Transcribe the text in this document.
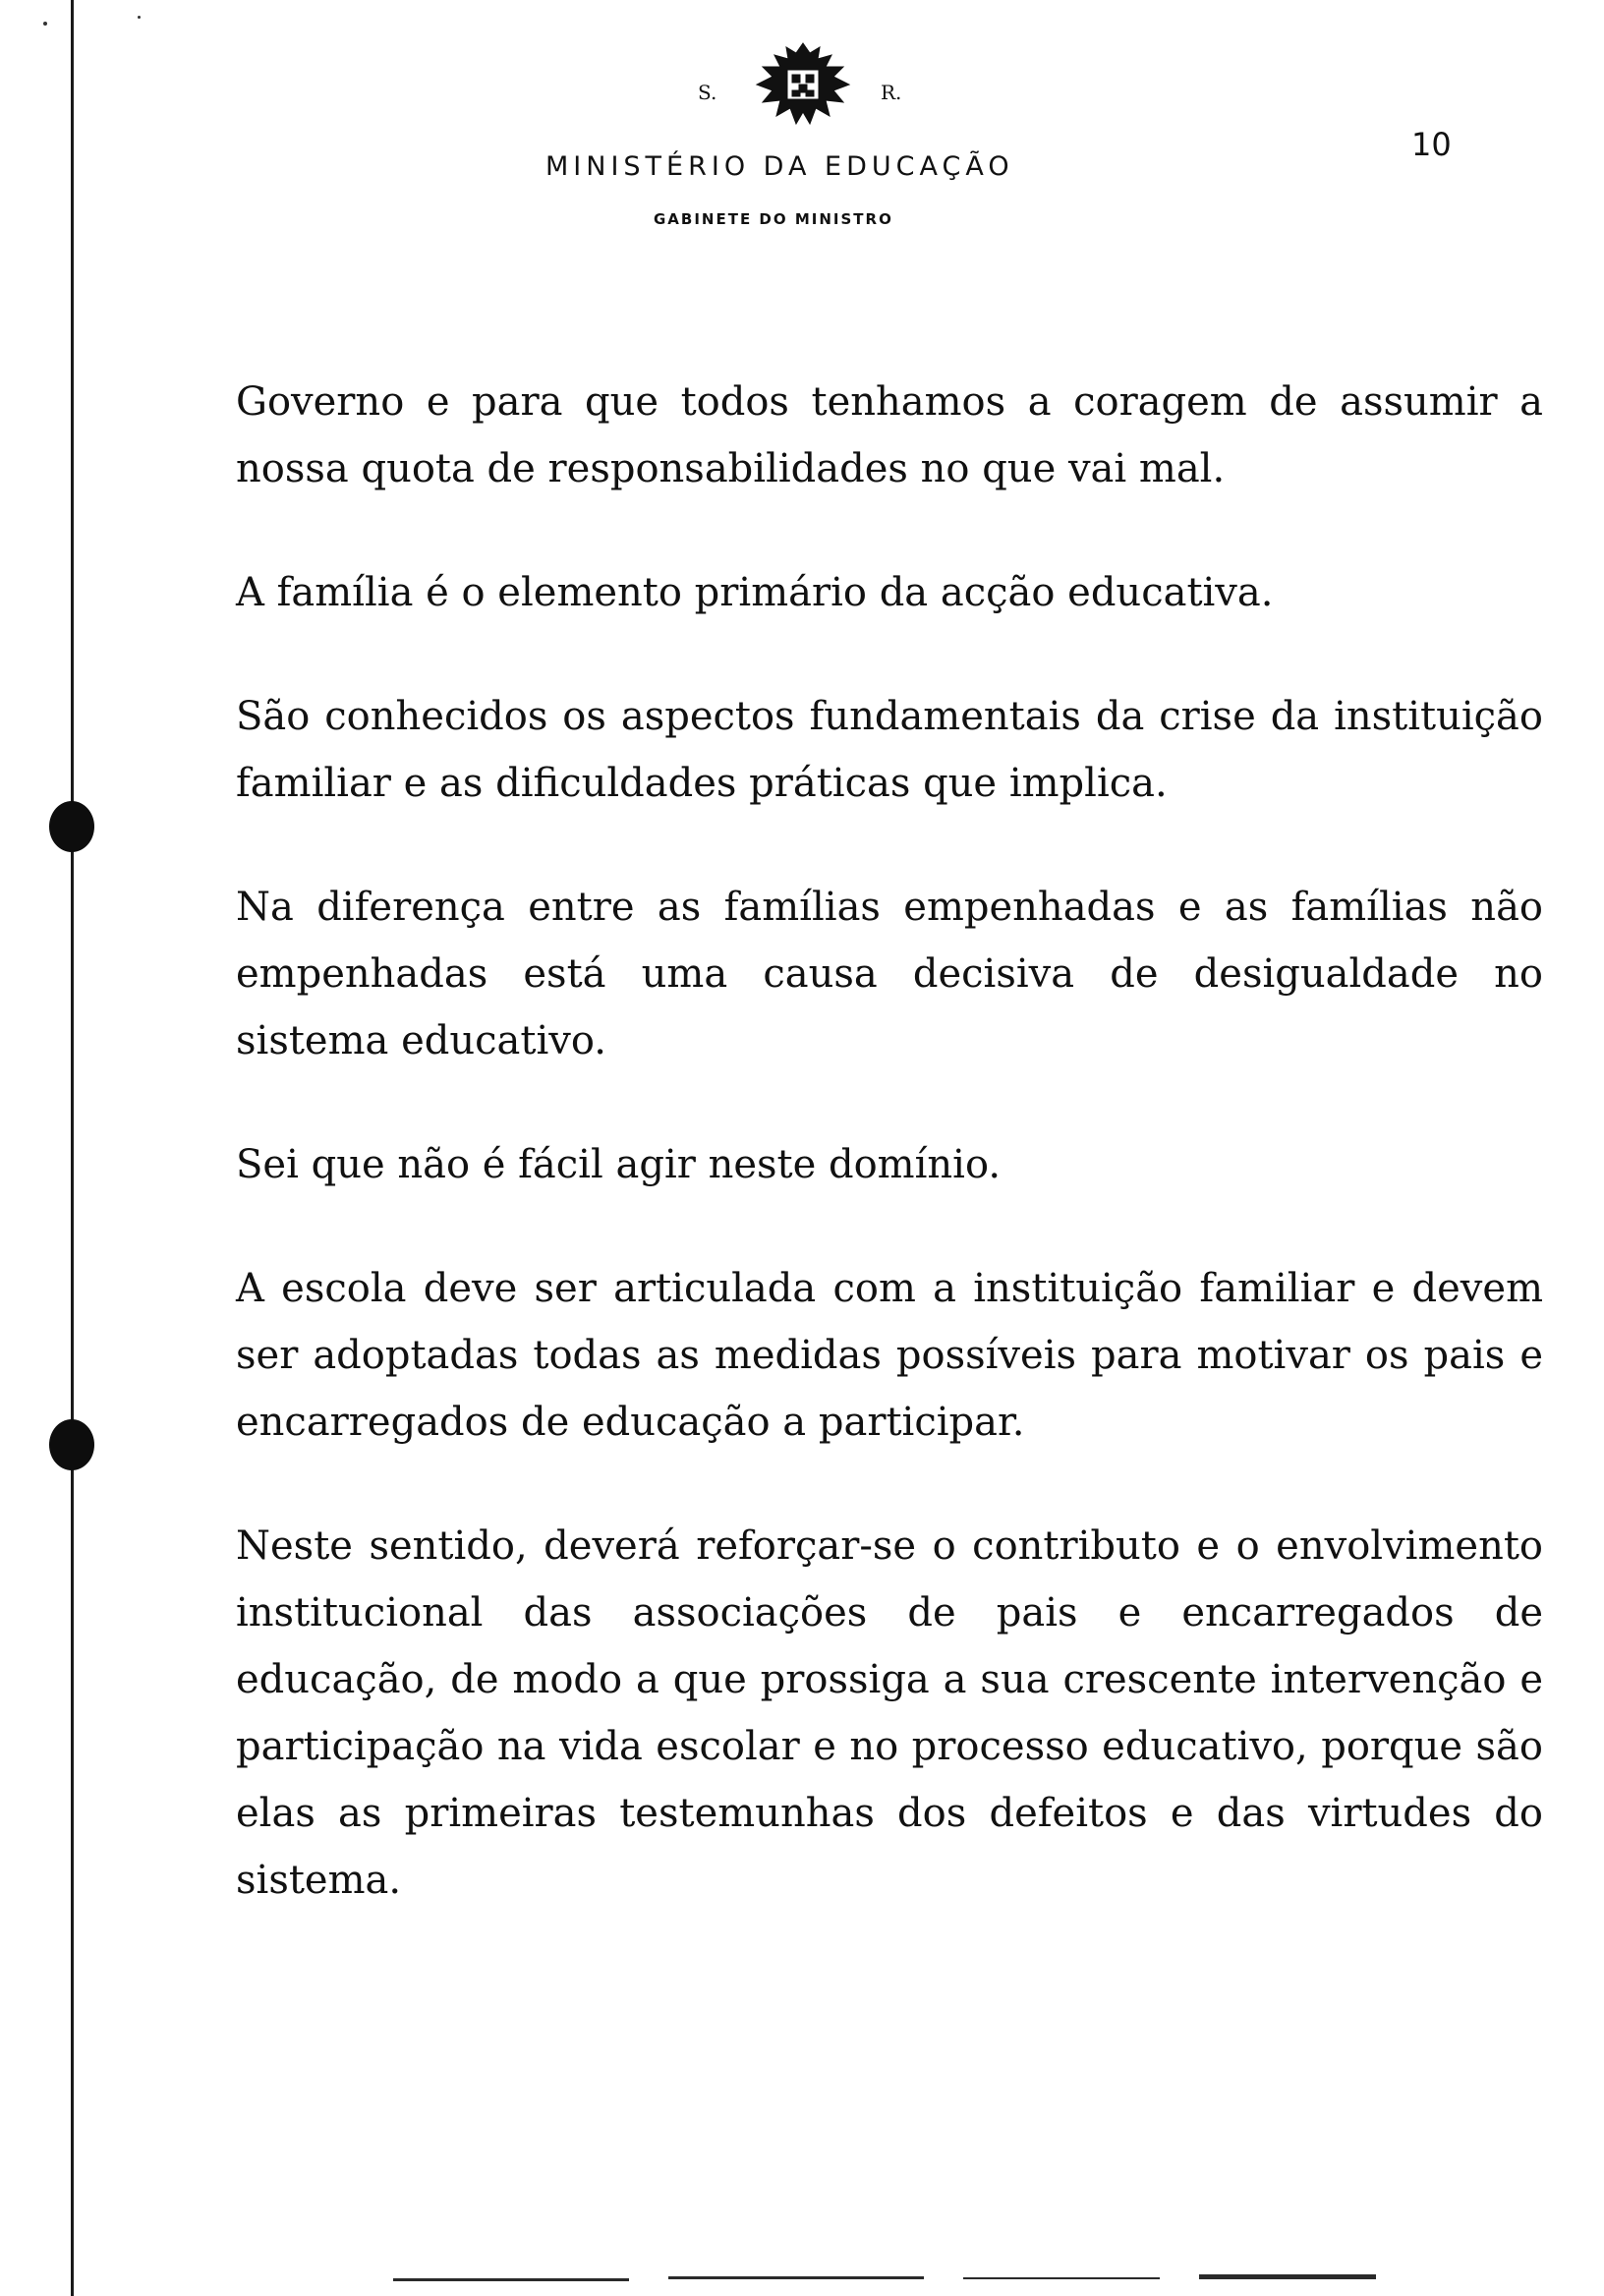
S.	R.
MINISTÉRIO DA EDUCAÇÃO
GABINETE DO MINISTRO
10

Governo e para que todos tenhamos a coragem de assumir a nossa quota de responsabilidades no que vai mal.

A família é o elemento primário da acção educativa.

São conhecidos os aspectos fundamentais da crise da instituição familiar e as dificuldades práticas que implica.

Na diferença entre as famílias empenhadas e as famílias não empenhadas está uma causa decisiva de desigualdade no sistema educativo.

Sei que não é fácil agir neste domínio.

A escola deve ser articulada com a instituição familiar e devem ser adoptadas todas as medidas possíveis para motivar os pais e encarregados de educação a participar.

Neste sentido, deverá reforçar-se o contributo e o envolvimento institucional das associações de pais e encarregados de educação, de modo a que prossiga a sua crescente intervenção e participação na vida escolar e no processo educativo, porque são elas as primeiras testemunhas dos defeitos e das virtudes do sistema.
